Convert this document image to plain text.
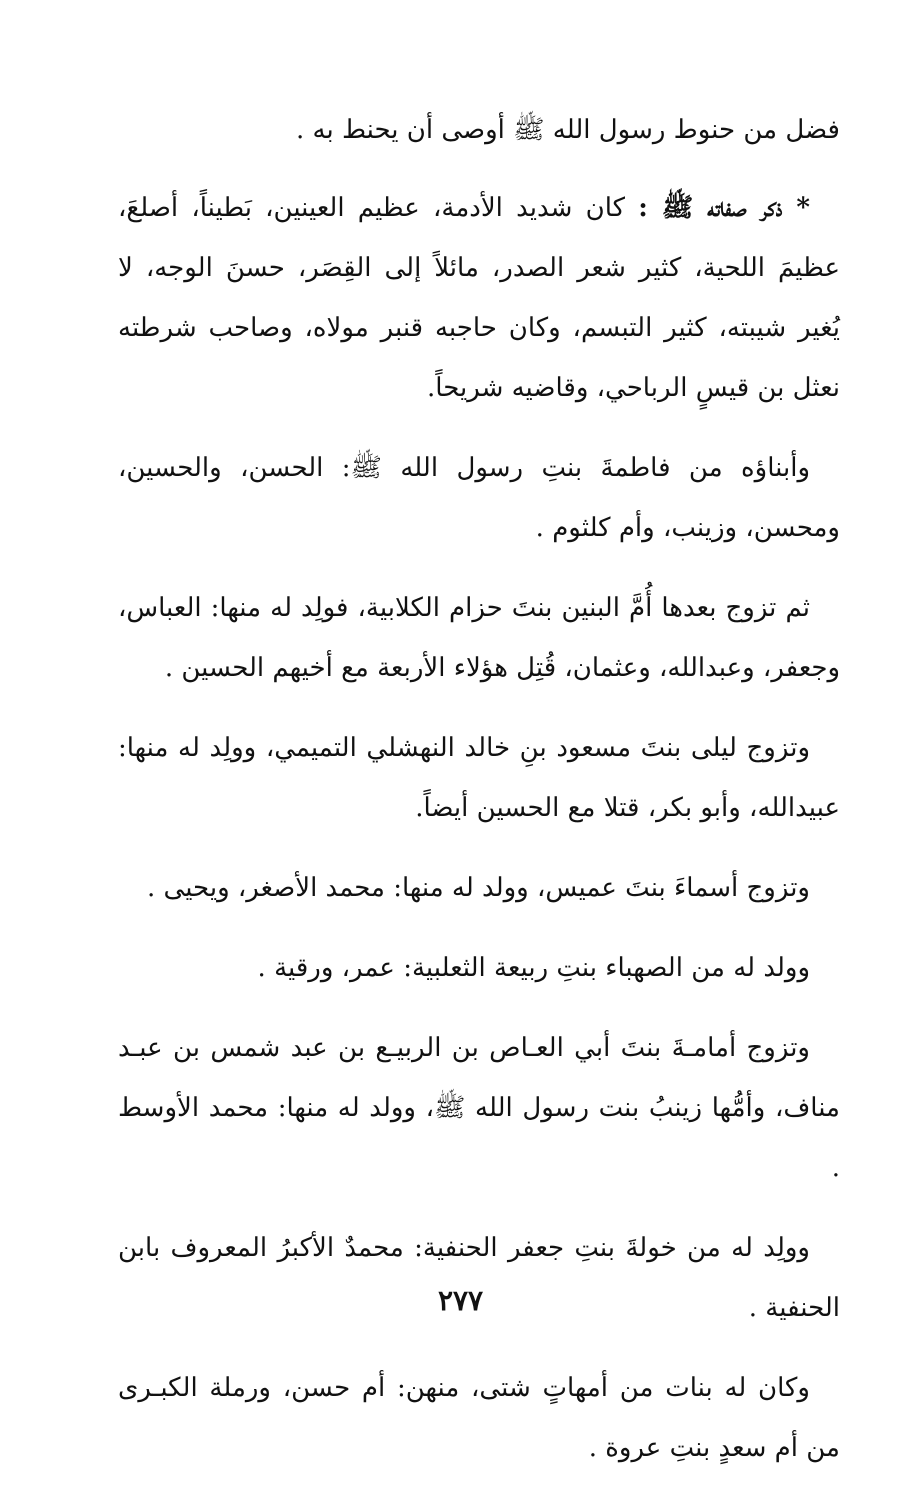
فضل من حنوط رسول الله ﷺ أوصى أن يحنط به .

* ذكر صفاته ﷺ : كان شديد الأدمة، عظيم العينين، بَطيناً، أصلعَ، عظيمَ اللحية، كثير شعر الصدر، مائلاً إلى القِصَر، حسنَ الوجه، لا يُغير شيبته، كثير التبسم، وكان حاجبه قنبر مولاه، وصاحب شرطته نعثل بن قيسٍ الرباحي، وقاضيه شريحاً.

وأبناؤه من فاطمةَ بنتِ رسول الله ﷺ: الحسن، والحسين، ومحسن، وزينب، وأم كلثوم .

ثم تزوج بعدها أُمَّ البنين بنتَ حزام الكلابية، فولِد له منها: العباس، وجعفر، وعبدالله، وعثمان، قُتِل هؤلاء الأربعة مع أخيهم الحسين .

وتزوج ليلى بنتَ مسعود بنِ خالد النهشلي التميمي، وولِد له منها: عبيدالله، وأبو بكر، قتلا مع الحسين أيضاً.

وتزوج أسماءَ بنتَ عميس، وولد له منها: محمد الأصغر، ويحيى .

وولد له من الصهباء بنتِ ربيعة الثعلبية: عمر، ورقية .

وتزوج أمامـةَ بنتَ أبي العـاص بن الربيـع بن عبد شمس بن عبـد مناف، وأمُّها زينبُ بنت رسول الله ﷺ، وولد له منها: محمد الأوسط .

وولِد له من خولةَ بنتِ جعفر الحنفية: محمدٌ الأكبرُ المعروف بابن الحنفية .

وكان له بنات من أمهاتٍ شتى، منهن: أم حسن، ورملة الكبـرى من أم سعدٍ بنتِ عروة .

٢٧٧
